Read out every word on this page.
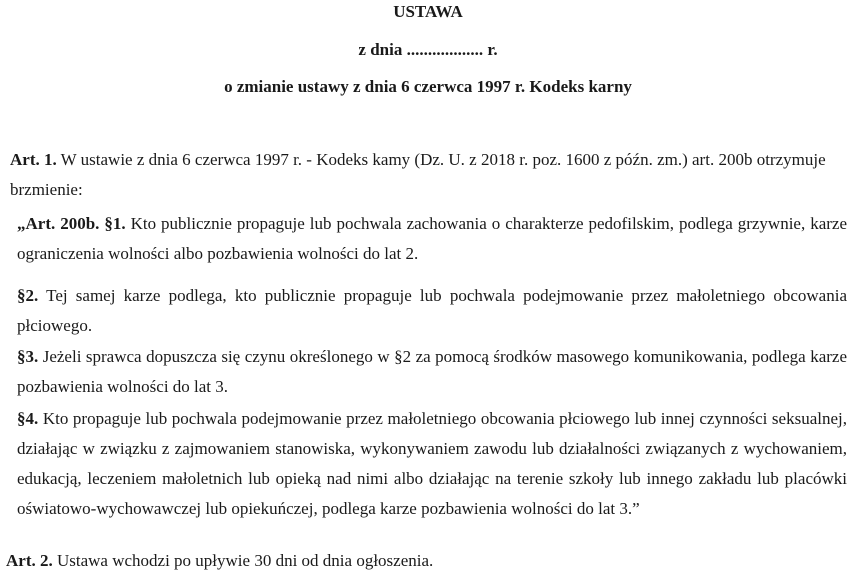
USTAWA
z dnia .................. r.
o zmianie ustawy z dnia 6 czerwca 1997 r. Kodeks karny

Art. 1. W ustawie z dnia 6 czerwca 1997 r. - Kodeks kamy (Dz. U. z 2018 r. poz. 1600 z późn. zm.) art. 200b otrzymuje brzmienie:

„Art. 200b. §1. Kto publicznie propaguje lub pochwala zachowania o charakterze pedofilskim, podlega grzywnie, karze ograniczenia wolności albo pozbawienia wolności do lat 2.

§2. Tej samej karze podlega, kto publicznie propaguje lub pochwala podejmowanie przez małoletniego obcowania płciowego.

§3. Jeżeli sprawca dopuszcza się czynu określonego w §2 za pomocą środków masowego komunikowania, podlega karze pozbawienia wolności do lat 3.

§4. Kto propaguje lub pochwala podejmowanie przez małoletniego obcowania płciowego lub innej czynności seksualnej, działając w związku z zajmowaniem stanowiska, wykonywaniem zawodu lub działalności związanych z wychowaniem, edukacją, leczeniem małoletnich lub opieką nad nimi albo działając na terenie szkoły lub innego zakładu lub placówki oświatowo-wychowawczej lub opiekuńczej, podlega karze pozbawienia wolności do lat 3.”

Art. 2. Ustawa wchodzi po upływie 30 dni od dnia ogłoszenia.
